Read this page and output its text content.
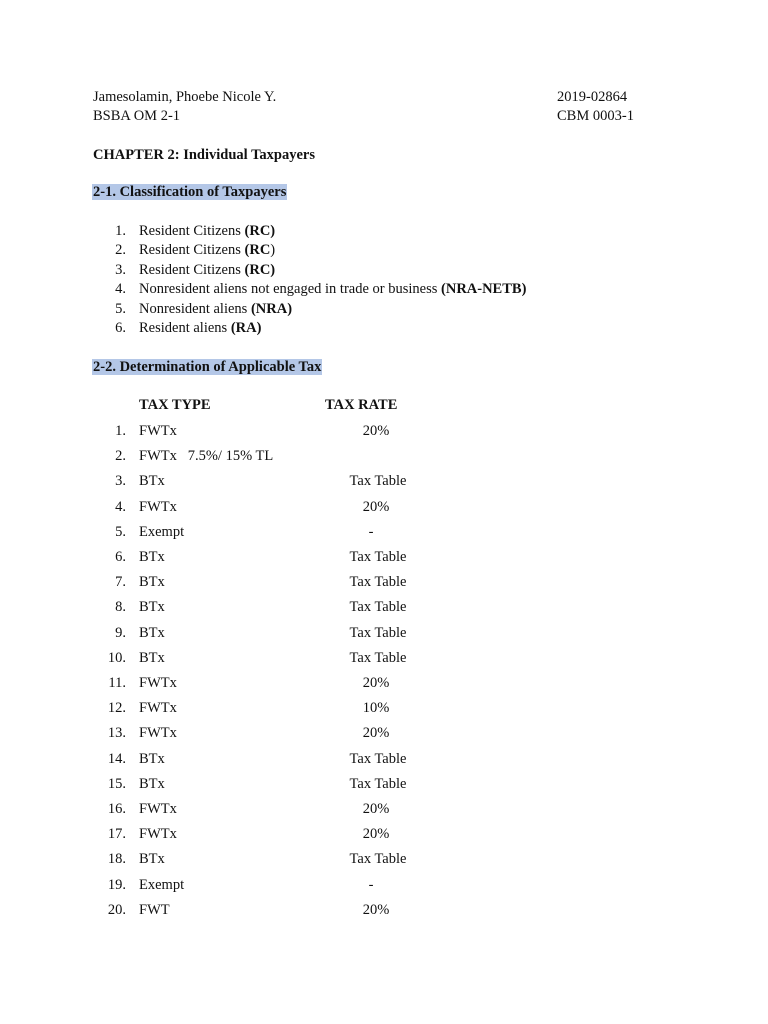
Jamesolamin, Phoebe Nicole Y.	2019-02864
BSBA OM 2-1	CBM 0003-1
CHAPTER 2: Individual Taxpayers
2-1. Classification of Taxpayers
1. Resident Citizens (RC)
2. Resident Citizens (RC)
3. Resident Citizens (RC)
4. Nonresident aliens not engaged in trade or business (NRA-NETB)
5. Nonresident aliens (NRA)
6. Resident aliens (RA)
2-2. Determination of Applicable Tax
TAX TYPE	TAX RATE
1. FWTx	20%
2. FWTx   7.5%/ 15% TL
3. BTx	Tax Table
4. FWTx	20%
5. Exempt	-
6. BTx	Tax Table
7. BTx	Tax Table
8. BTx	Tax Table
9. BTx	Tax Table
10. BTx	Tax Table
11. FWTx	20%
12. FWTx	10%
13. FWTx	20%
14. BTx	Tax Table
15. BTx	Tax Table
16. FWTx	20%
17. FWTx	20%
18. BTx	Tax Table
19. Exempt	-
20. FWT	20%
